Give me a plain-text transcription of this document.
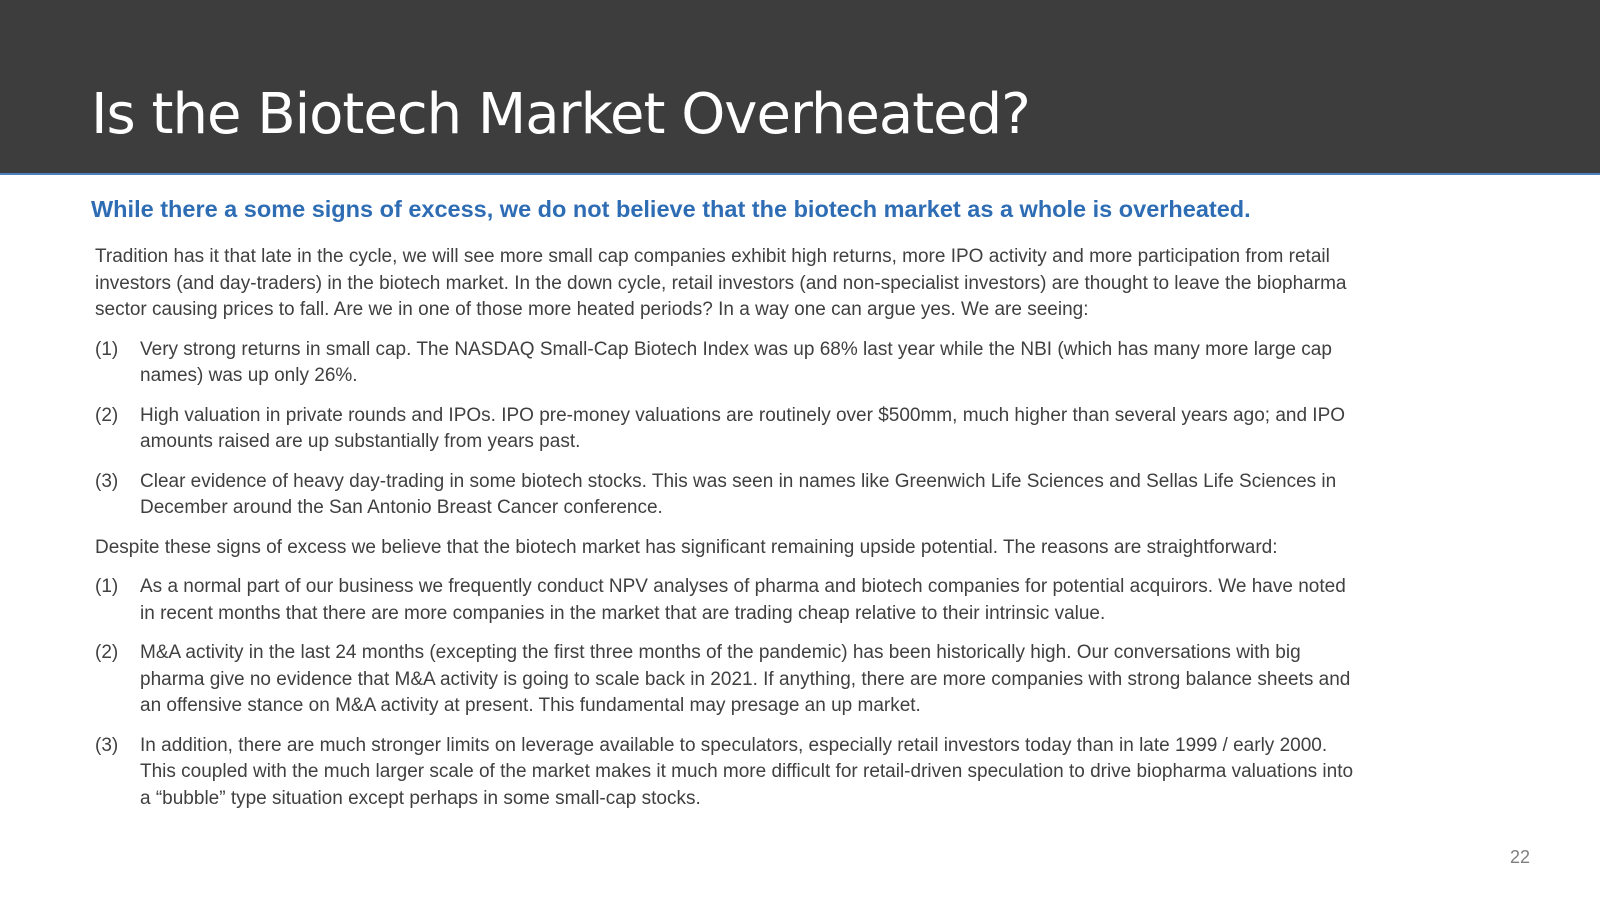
Is the Biotech Market Overheated?
While there a some signs of excess, we do not believe that the biotech market as a whole is overheated.

Tradition has it that late in the cycle, we will see more small cap companies exhibit high returns, more IPO activity and more participation from retail investors (and day-traders) in the biotech market. In the down cycle, retail investors (and non-specialist investors) are thought to leave the biopharma sector causing prices to fall. Are we in one of those more heated periods? In a way one can argue yes. We are seeing:

(1) Very strong returns in small cap. The NASDAQ Small-Cap Biotech Index was up 68% last year while the NBI (which has many more large cap names) was up only 26%.
(2) High valuation in private rounds and IPOs. IPO pre-money valuations are routinely over $500mm, much higher than several years ago; and IPO amounts raised are up substantially from years past.
(3) Clear evidence of heavy day-trading in some biotech stocks. This was seen in names like Greenwich Life Sciences and Sellas Life Sciences in December around the San Antonio Breast Cancer conference.

Despite these signs of excess we believe that the biotech market has significant remaining upside potential. The reasons are straightforward:

(1) As a normal part of our business we frequently conduct NPV analyses of pharma and biotech companies for potential acquirors. We have noted in recent months that there are more companies in the market that are trading cheap relative to their intrinsic value.
(2) M&A activity in the last 24 months (excepting the first three months of the pandemic) has been historically high. Our conversations with big pharma give no evidence that M&A activity is going to scale back in 2021. If anything, there are more companies with strong balance sheets and an offensive stance on M&A activity at present. This fundamental may presage an up market.
(3) In addition, there are much stronger limits on leverage available to speculators, especially retail investors today than in late 1999 / early 2000. This coupled with the much larger scale of the market makes it much more difficult for retail-driven speculation to drive biopharma valuations into a “bubble” type situation except perhaps in some small-cap stocks.
22
